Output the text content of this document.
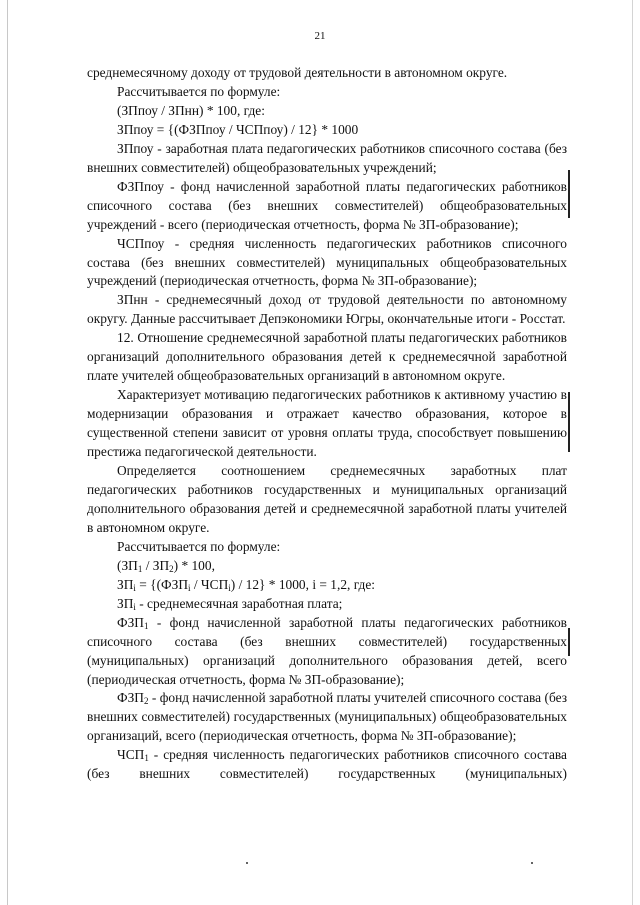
21

среднемесячному доходу от трудовой деятельности в автономном округе.

Рассчитывается по формуле:

(ЗПпоу / ЗПнн) * 100, где:

ЗПпоу = {(ФЗПпоу / ЧСПпоу) / 12} * 1000

ЗПпоу - заработная плата педагогических работников списочного состава (без внешних совместителей) общеобразовательных учреждений;

ФЗПпоу - фонд начисленной заработной платы педагогических работников списочного состава (без внешних совместителей) общеобразовательных учреждений - всего (периодическая отчетность, форма № ЗП-образование);

ЧСПпоу - средняя численность педагогических работников списочного состава (без внешних совместителей) муниципальных общеобразовательных учреждений (периодическая отчетность, форма № ЗП-образование);

ЗПнн - среднемесячный доход от трудовой деятельности по автономному округу. Данные рассчитывает Депэкономики Югры, окончательные итоги - Росстат.

12. Отношение среднемесячной заработной платы педагогических работников организаций дополнительного образования детей к среднемесячной заработной плате учителей общеобразовательных организаций в автономном округе.

Характеризует мотивацию педагогических работников к активному участию в модернизации образования и отражает качество образования, которое в существенной степени зависит от уровня оплаты труда, способствует повышению престижа педагогической деятельности.

Определяется соотношением среднемесячных заработных плат педагогических работников государственных и муниципальных организаций дополнительного образования детей и среднемесячной заработной платы учителей в автономном округе.

Рассчитывается по формуле:

$(ЗП_1 / ЗП_2) * 100$,

$ЗП_i = \{(ФЗП_i / ЧСП_i) / 12\} * 1000$, i = 1,2, где:

$ЗП_i$ - среднемесячная заработная плата;

$ФЗП_1$ - фонд начисленной заработной платы педагогических работников списочного состава (без внешних совместителей) государственных (муниципальных) организаций дополнительного образования детей, всего (периодическая отчетность, форма № ЗП-образование);

$ФЗП_2$ - фонд начисленной заработной платы учителей списочного состава (без внешних совместителей) государственных (муниципальных) общеобразовательных организаций, всего (периодическая отчетность, форма № ЗП-образование);

$ЧСП_1$ - средняя численность педагогических работников списочного состава (без внешних совместителей) государственных (муниципальных)
